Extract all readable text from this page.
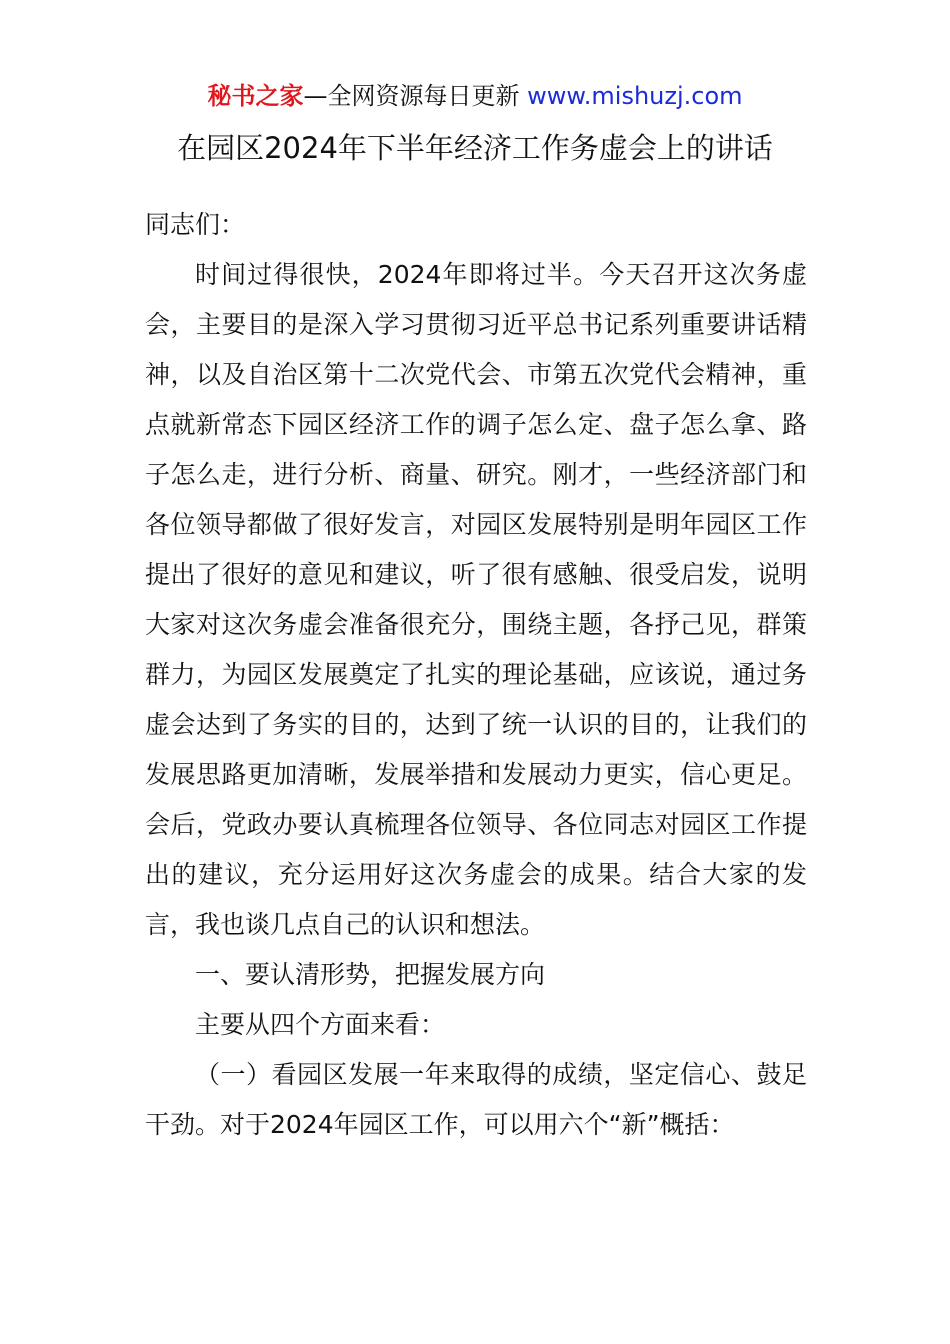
秘书之家—全网资源每日更新 www.mishuzj.com
在园区2024年下半年经济工作务虚会上的讲话

同志们：

时间过得很快，2024年即将过半。今天召开这次务虚会，主要目的是深入学习贯彻习近平总书记系列重要讲话精神，以及自治区第十二次党代会、市第五次党代会精神，重点就新常态下园区经济工作的调子怎么定、盘子怎么拿、路子怎么走，进行分析、商量、研究。刚才，一些经济部门和各位领导都做了很好发言，对园区发展特别是明年园区工作提出了很好的意见和建议，听了很有感触、很受启发，说明大家对这次务虚会准备很充分，围绕主题，各抒己见，群策群力，为园区发展奠定了扎实的理论基础，应该说，通过务虚会达到了务实的目的，达到了统一认识的目的，让我们的发展思路更加清晰，发展举措和发展动力更实，信心更足。会后，党政办要认真梳理各位领导、各位同志对园区工作提出的建议，充分运用好这次务虚会的成果。结合大家的发言，我也谈几点自己的认识和想法。

一、要认清形势，把握发展方向

主要从四个方面来看：

（一）看园区发展一年来取得的成绩，坚定信心、鼓足干劲。对于2024年园区工作，可以用六个“新”概括：
